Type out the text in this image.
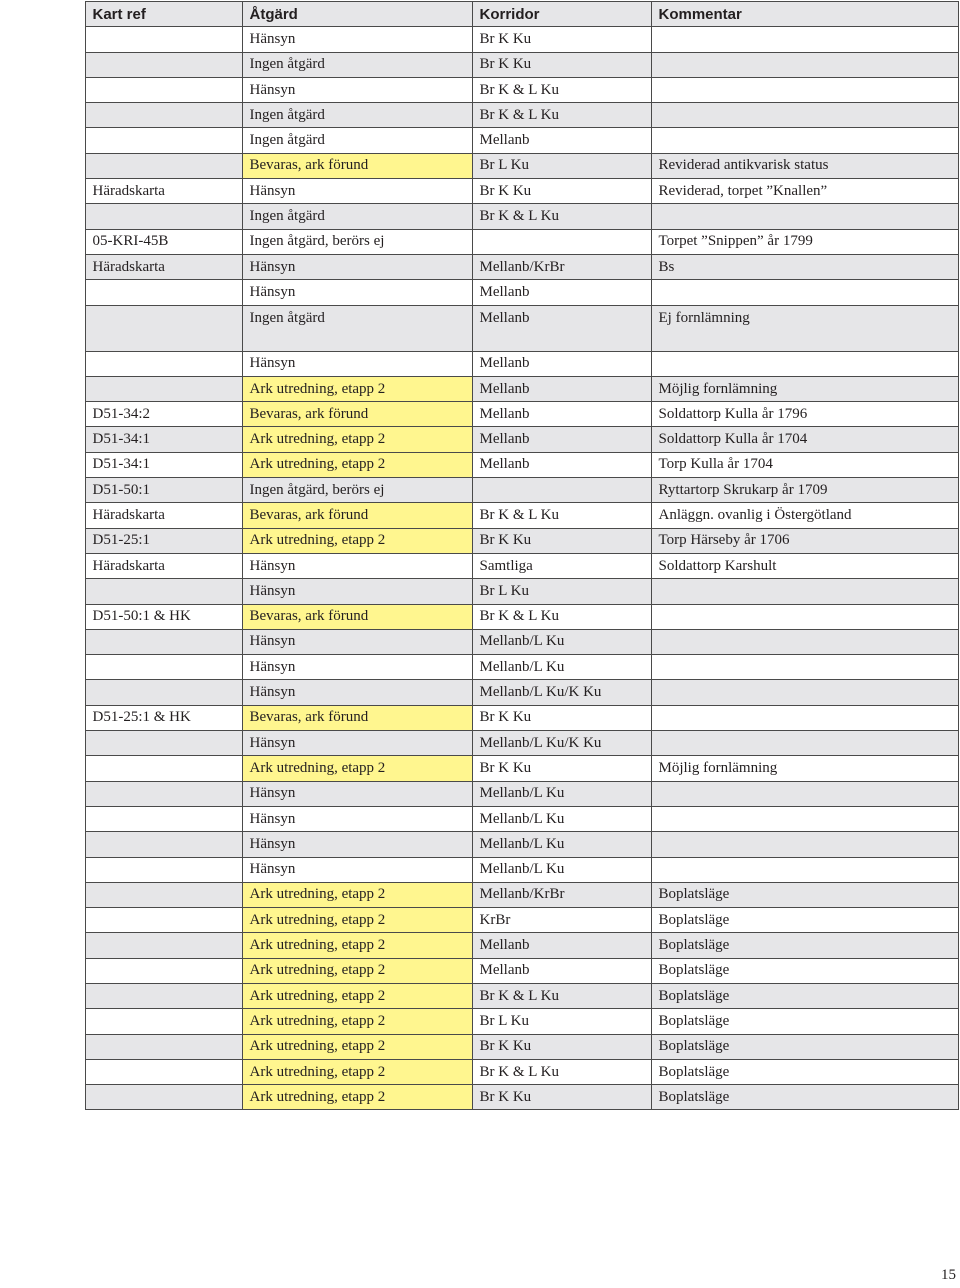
	Kart ref	Åtgärd	Korridor	Kommentar
		Hänsyn	Br K Ku	
		Ingen åtgärd	Br K Ku	
		Hänsyn	Br K & L Ku	
		Ingen åtgärd	Br K & L Ku	
		Ingen åtgärd	Mellanb	
		Bevaras, ark förund	Br L Ku	Reviderad antikvarisk status
	Häradskarta	Hänsyn	Br K Ku	Reviderad, torpet ”Knallen”
		Ingen åtgärd	Br K & L Ku	
	05-KRI-45B	Ingen åtgärd, berörs ej		Torpet ”Snippen” år 1799
	Häradskarta	Hänsyn	Mellanb/KrBr	Bs
		Hänsyn	Mellanb	
		Ingen åtgärd	Mellanb	Ej fornlämning
		Hänsyn	Mellanb	
		Ark utredning, etapp 2	Mellanb	Möjlig fornlämning
	D51-34:2	Bevaras, ark förund	Mellanb	Soldattorp Kulla år 1796
	D51-34:1	Ark utredning, etapp 2	Mellanb	Soldattorp Kulla år 1704
	D51-34:1	Ark utredning, etapp 2	Mellanb	Torp Kulla år 1704
	D51-50:1	Ingen åtgärd, berörs ej		Ryttartorp Skrukarp år 1709
	Häradskarta	Bevaras, ark förund	Br K & L Ku	Anläggn. ovanlig i Östergötland
	D51-25:1	Ark utredning, etapp 2	Br K Ku	Torp Härseby år 1706
	Häradskarta	Hänsyn	Samtliga	Soldattorp Karshult
		Hänsyn	Br L Ku	
	D51-50:1 & HK	Bevaras, ark förund	Br K & L Ku	
		Hänsyn	Mellanb/L Ku	
		Hänsyn	Mellanb/L Ku	
		Hänsyn	Mellanb/L Ku/K Ku	
	D51-25:1 & HK	Bevaras, ark förund	Br K Ku	
		Hänsyn	Mellanb/L Ku/K Ku	
		Ark utredning, etapp 2	Br K Ku	Möjlig fornlämning
		Hänsyn	Mellanb/L Ku	
		Hänsyn	Mellanb/L Ku	
		Hänsyn	Mellanb/L Ku	
		Hänsyn	Mellanb/L Ku	
		Ark utredning, etapp 2	Mellanb/KrBr	Boplatsläge
		Ark utredning, etapp 2	KrBr	Boplatsläge
		Ark utredning, etapp 2	Mellanb	Boplatsläge
		Ark utredning, etapp 2	Mellanb	Boplatsläge
		Ark utredning, etapp 2	Br K & L Ku	Boplatsläge
		Ark utredning, etapp 2	Br L Ku	Boplatsläge
		Ark utredning, etapp 2	Br K Ku	Boplatsläge
		Ark utredning, etapp 2	Br K & L Ku	Boplatsläge
		Ark utredning, etapp 2	Br K Ku	Boplatsläge
15
